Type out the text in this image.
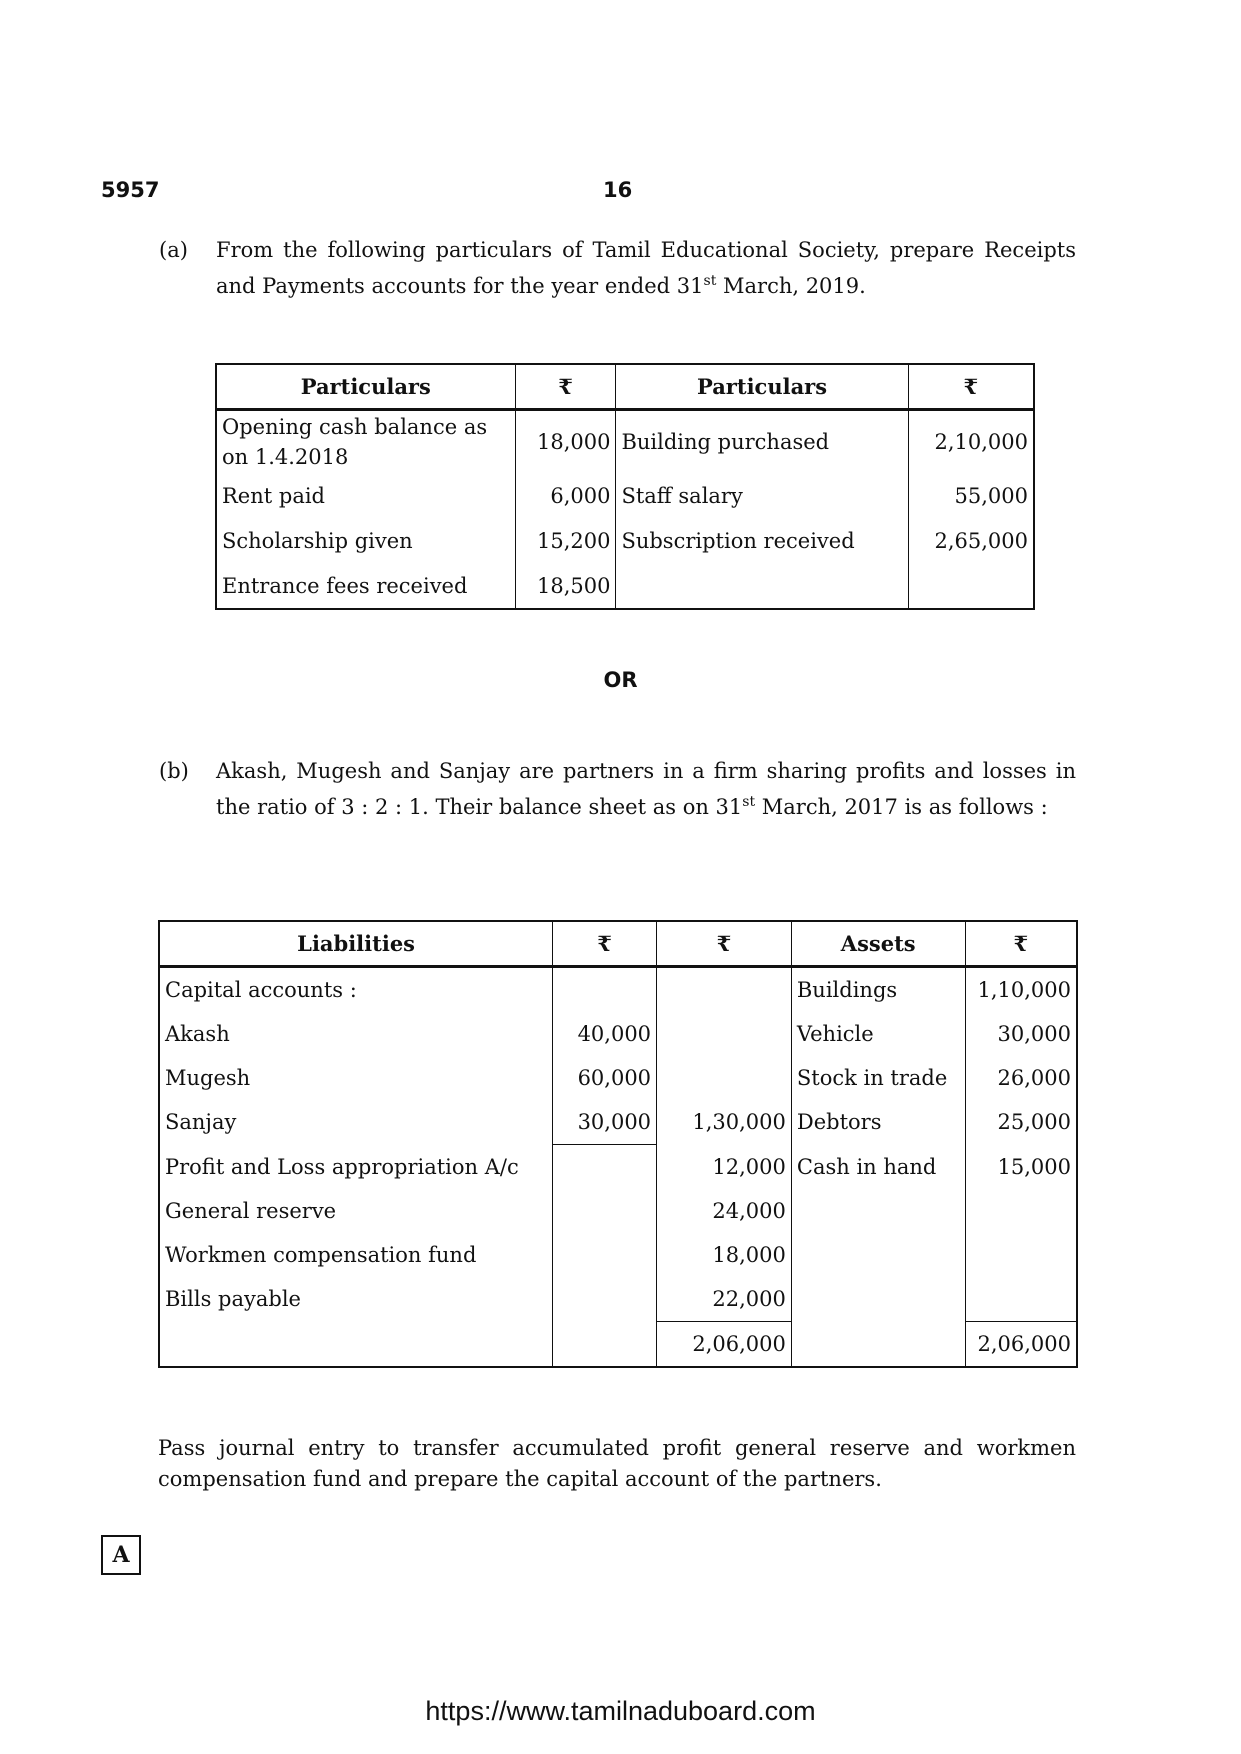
5957	16
(a) From the following particulars of Tamil Educational Society, prepare Receipts and Payments accounts for the year ended 31st March, 2019.
Particulars	₹	Particulars	₹
Opening cash balance as on 1.4.2018	18,000	Building purchased	2,10,000
Rent paid	6,000	Staff salary	55,000
Scholarship given	15,200	Subscription received	2,65,000
Entrance fees received	18,500		
OR
(b) Akash, Mugesh and Sanjay are partners in a firm sharing profits and losses in the ratio of 3 : 2 : 1. Their balance sheet as on 31st March, 2017 is as follows :
Liabilities	₹	₹	Assets	₹
Capital accounts :			Buildings	1,10,000
Akash	40,000		Vehicle	30,000
Mugesh	60,000		Stock in trade	26,000
Sanjay	30,000	1,30,000	Debtors	25,000
Profit and Loss appropriation A/c		12,000	Cash in hand	15,000
General reserve		24,000		
Workmen compensation fund		18,000		
Bills payable		22,000		
		2,06,000		2,06,000
Pass journal entry to transfer accumulated profit general reserve and workmen compensation fund and prepare the capital account of the partners.
A
https://www.tamilnaduboard.com
